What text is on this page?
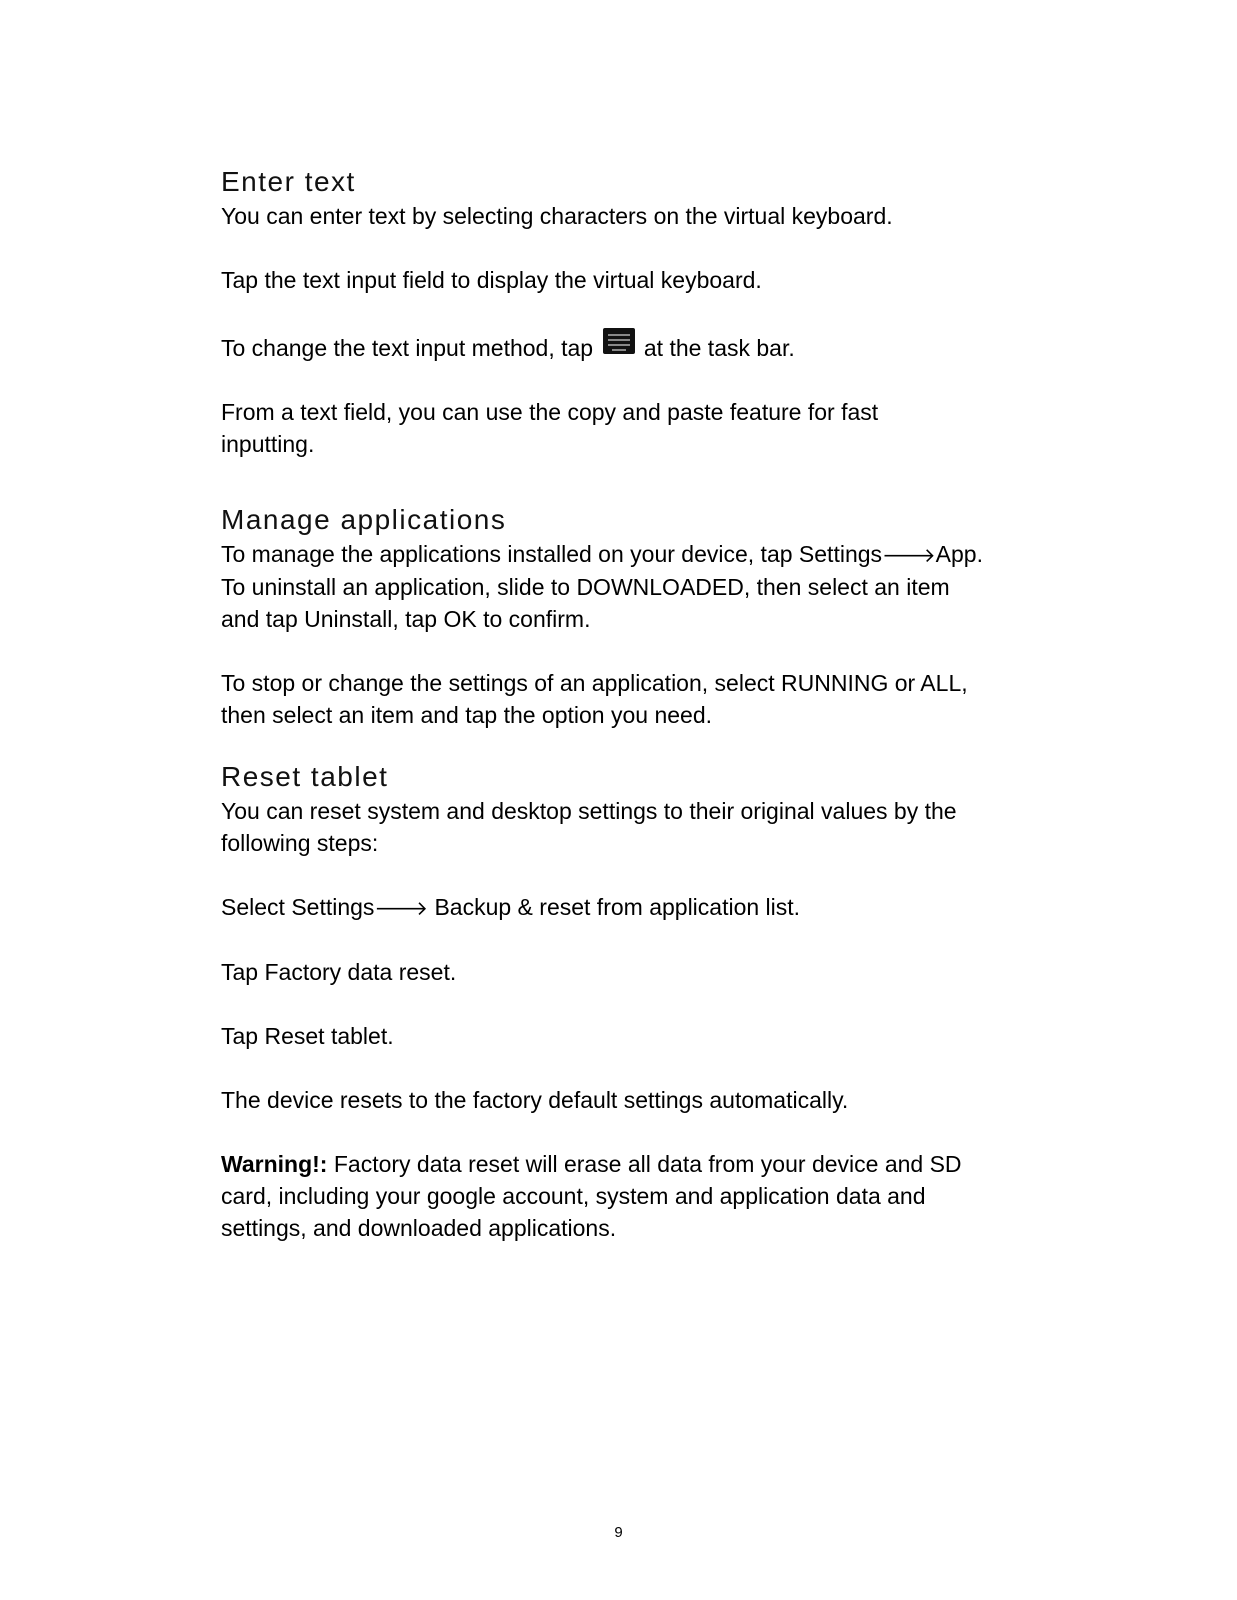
Enter text

You can enter text by selecting characters on the virtual keyboard.

Tap the text input field to display the virtual keyboard.

To change the text input method, tap at the task bar.

From a text field, you can use the copy and paste feature for fast inputting.

Manage applications

To manage the applications installed on your device, tap Settings🡒App. To uninstall an application, slide to DOWNLOADED, then select an item and tap Uninstall, tap OK to confirm.

To stop or change the settings of an application, select RUNNING or ALL, then select an item and tap the option you need.

Reset tablet

You can reset system and desktop settings to their original values by the following steps:

Select Settings🡒 Backup & reset from application list.

Tap Factory data reset.

Tap Reset tablet.

The device resets to the factory default settings automatically.

Warning!: Factory data reset will erase all data from your device and SD card, including your google account, system and application data and settings, and downloaded applications.

9
